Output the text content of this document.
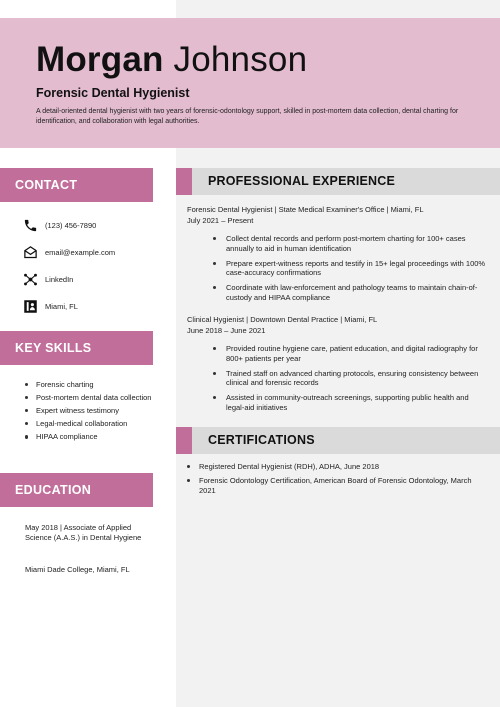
Morgan Johnson
Forensic Dental Hygienist
A detail-oriented dental hygienist with two years of forensic-odontology support, skilled in post-mortem data collection, dental charting for identification, and collaboration with legal authorities.
CONTACT
(123) 456-7890
email@example.com
LinkedIn
Miami, FL
KEY SKILLS
Forensic charting
Post-mortem dental data collection
Expert witness testimony
Legal-medical collaboration
HIPAA compliance
EDUCATION
May 2018 | Associate of Applied Science (A.A.S.) in Dental Hygiene
Miami Dade College, Miami, FL
PROFESSIONAL EXPERIENCE
Forensic Dental Hygienist | State Medical Examiner's Office | Miami, FL
July 2021 – Present
Collect dental records and perform post-mortem charting for 100+ cases annually to aid in human identification
Prepare expert-witness reports and testify in 15+ legal proceedings with 100% case-accuracy confirmations
Coordinate with law-enforcement and pathology teams to maintain chain-of-custody and HIPAA compliance
Clinical Hygienist | Downtown Dental Practice | Miami, FL
June 2018 – June 2021
Provided routine hygiene care, patient education, and digital radiography for 800+ patients per year
Trained staff on advanced charting protocols, ensuring consistency between clinical and forensic records
Assisted in community-outreach screenings, supporting public health and legal-aid initiatives
CERTIFICATIONS
Registered Dental Hygienist (RDH), ADHA, June 2018
Forensic Odontology Certification, American Board of Forensic Odontology, March 2021
